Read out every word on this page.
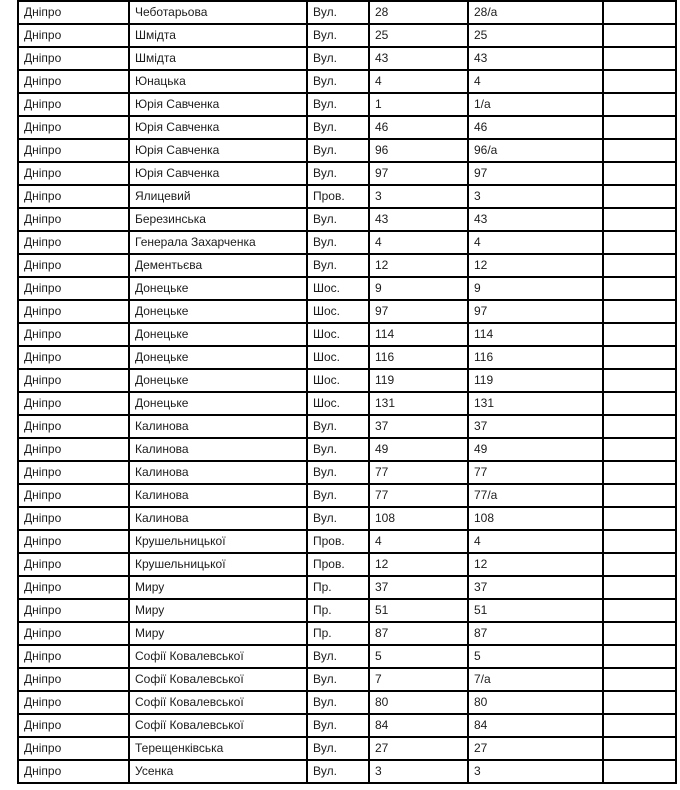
Дніпро	Чеботарьова	Вул.	28	28/а	
Дніпро	Шмідта	Вул.	25	25	
Дніпро	Шмідта	Вул.	43	43	
Дніпро	Юнацька	Вул.	4	4	
Дніпро	Юрія Савченка	Вул.	1	1/а	
Дніпро	Юрія Савченка	Вул.	46	46	
Дніпро	Юрія Савченка	Вул.	96	96/а	
Дніпро	Юрія Савченка	Вул.	97	97	
Дніпро	Ялицевий	Пров.	3	3	
Дніпро	Березинська	Вул.	43	43	
Дніпро	Генерала Захарченка	Вул.	4	4	
Дніпро	Дементьєва	Вул.	12	12	
Дніпро	Донецьке	Шос.	9	9	
Дніпро	Донецьке	Шос.	97	97	
Дніпро	Донецьке	Шос.	114	114	
Дніпро	Донецьке	Шос.	116	116	
Дніпро	Донецьке	Шос.	119	119	
Дніпро	Донецьке	Шос.	131	131	
Дніпро	Калинова	Вул.	37	37	
Дніпро	Калинова	Вул.	49	49	
Дніпро	Калинова	Вул.	77	77	
Дніпро	Калинова	Вул.	77	77/а	
Дніпро	Калинова	Вул.	108	108	
Дніпро	Крушельницької	Пров.	4	4	
Дніпро	Крушельницької	Пров.	12	12	
Дніпро	Миру	Пр.	37	37	
Дніпро	Миру	Пр.	51	51	
Дніпро	Миру	Пр.	87	87	
Дніпро	Софії Ковалевської	Вул.	5	5	
Дніпро	Софії Ковалевської	Вул.	7	7/а	
Дніпро	Софії Ковалевської	Вул.	80	80	
Дніпро	Софії Ковалевської	Вул.	84	84	
Дніпро	Терещенківська	Вул.	27	27	
Дніпро	Усенка	Вул.	3	3	
